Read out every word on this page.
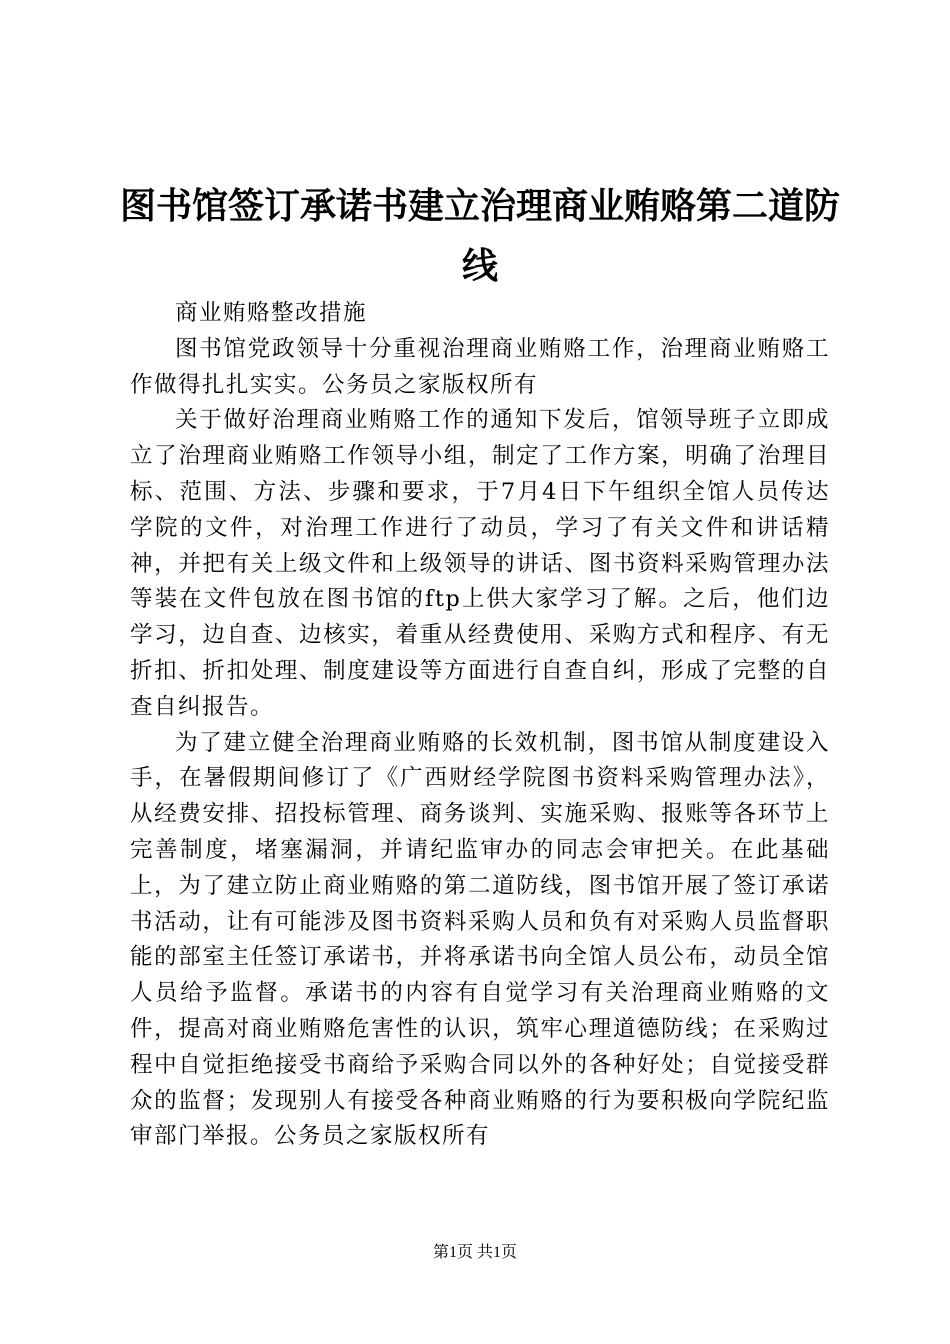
图书馆签订承诺书建立治理商业贿赂第二道防线

商业贿赂整改措施

图书馆党政领导十分重视治理商业贿赂工作，治理商业贿赂工作做得扎扎实实。公务员之家版权所有

关于做好治理商业贿赂工作的通知下发后，馆领导班子立即成立了治理商业贿赂工作领导小组，制定了工作方案，明确了治理目标、范围、方法、步骤和要求，于7月4日下午组织全馆人员传达学院的文件，对治理工作进行了动员，学习了有关文件和讲话精神，并把有关上级文件和上级领导的讲话、图书资料采购管理办法等装在文件包放在图书馆的ftp上供大家学习了解。之后，他们边学习，边自查、边核实，着重从经费使用、采购方式和程序、有无折扣、折扣处理、制度建设等方面进行自查自纠，形成了完整的自查自纠报告。

为了建立健全治理商业贿赂的长效机制，图书馆从制度建设入手，在暑假期间修订了《广西财经学院图书资料采购管理办法》，从经费安排、招投标管理、商务谈判、实施采购、报账等各环节上完善制度，堵塞漏洞，并请纪监审办的同志会审把关。在此基础上，为了建立防止商业贿赂的第二道防线，图书馆开展了签订承诺书活动，让有可能涉及图书资料采购人员和负有对采购人员监督职能的部室主任签订承诺书，并将承诺书向全馆人员公布，动员全馆人员给予监督。承诺书的内容有自觉学习有关治理商业贿赂的文件，提高对商业贿赂危害性的认识，筑牢心理道德防线；在采购过程中自觉拒绝接受书商给予采购合同以外的各种好处；自觉接受群众的监督；发现别人有接受各种商业贿赂的行为要积极向学院纪监审部门举报。公务员之家版权所有

第1页 共1页
